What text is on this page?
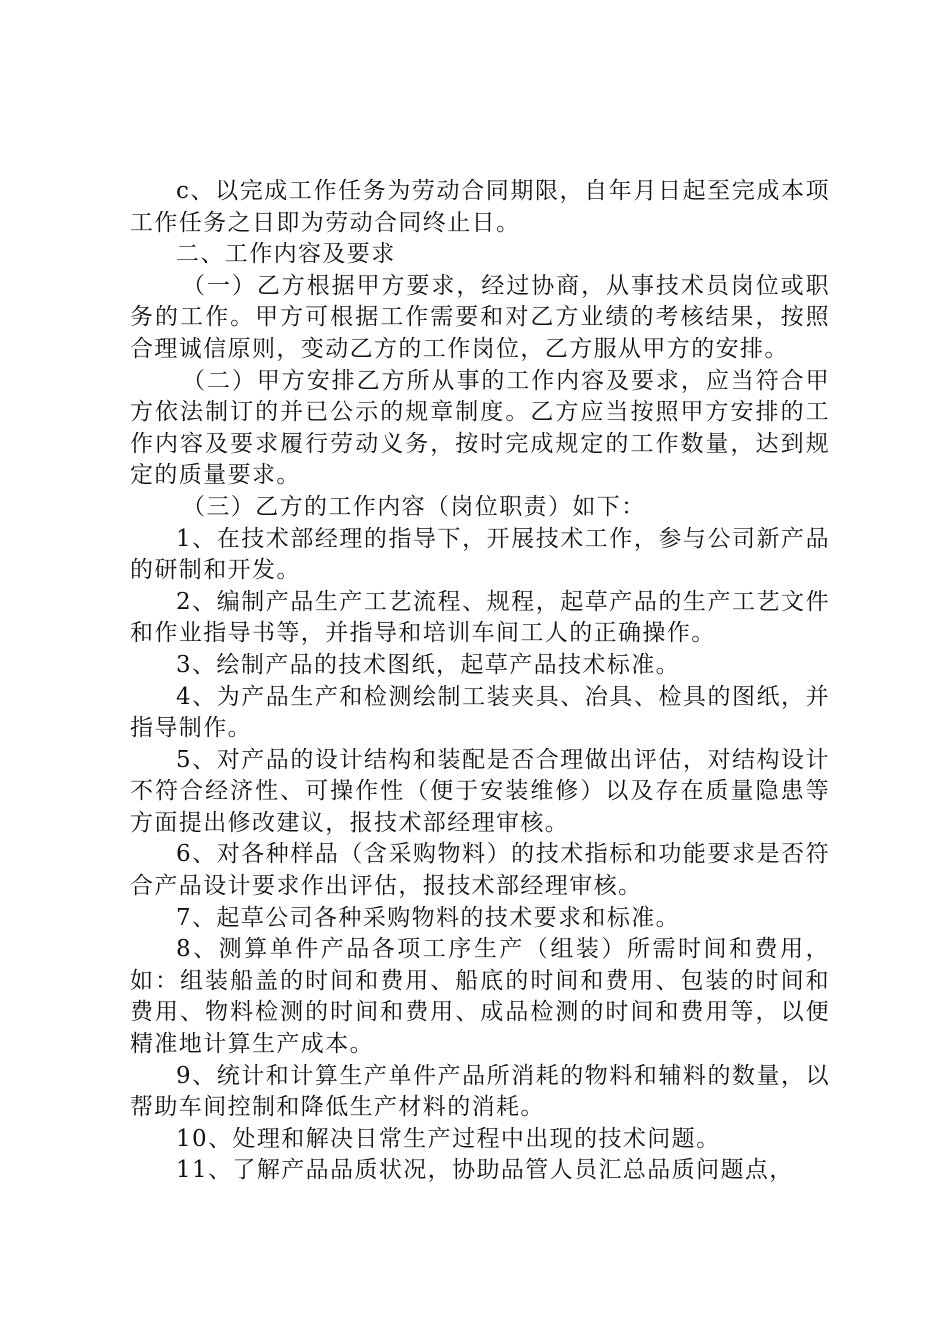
c、以完成工作任务为劳动合同期限，自年月日起至完成本项工作任务之日即为劳动合同终止日。

二、工作内容及要求

（一）乙方根据甲方要求，经过协商，从事技术员岗位或职务的工作。甲方可根据工作需要和对乙方业绩的考核结果，按照合理诚信原则，变动乙方的工作岗位，乙方服从甲方的安排。

（二）甲方安排乙方所从事的工作内容及要求，应当符合甲方依法制订的并已公示的规章制度。乙方应当按照甲方安排的工作内容及要求履行劳动义务，按时完成规定的工作数量，达到规定的质量要求。

（三）乙方的工作内容（岗位职责）如下：

1、在技术部经理的指导下，开展技术工作，参与公司新产品的研制和开发。

2、编制产品生产工艺流程、规程，起草产品的生产工艺文件和作业指导书等，并指导和培训车间工人的正确操作。

3、绘制产品的技术图纸，起草产品技术标准。

4、为产品生产和检测绘制工装夹具、冶具、检具的图纸，并指导制作。

5、对产品的设计结构和装配是否合理做出评估，对结构设计不符合经济性、可操作性（便于安装维修）以及存在质量隐患等方面提出修改建议，报技术部经理审核。

6、对各种样品（含采购物料）的技术指标和功能要求是否符合产品设计要求作出评估，报技术部经理审核。

7、起草公司各种采购物料的技术要求和标准。

8、测算单件产品各项工序生产（组装）所需时间和费用，如：组装船盖的时间和费用、船底的时间和费用、包装的时间和费用、物料检测的时间和费用、成品检测的时间和费用等，以便精准地计算生产成本。

9、统计和计算生产单件产品所消耗的物料和辅料的数量，以帮助车间控制和降低生产材料的消耗。

10、处理和解决日常生产过程中出现的技术问题。

11、了解产品品质状况，协助品管人员汇总品质问题点，
